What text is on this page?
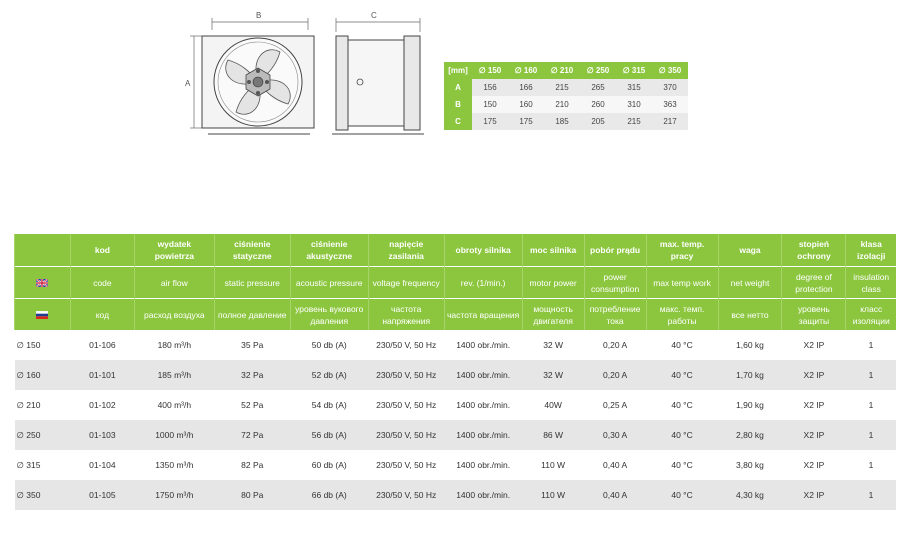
B
A
C
[mm]	∅ 150	∅ 160	∅ 210	∅ 250	∅ 315	∅ 350
A	156	166	215	265	315	370
B	150	160	210	260	310	363
C	175	175	185	205	215	217
	kod	wydatek powietrza	ciśnienie statyczne	ciśnienie akustyczne	napięcie zasilania	obroty silnika	moc silnika	pobór prądu	max. temp. pracy	waga	stopień ochrony	klasa izolacji
	code	air flow	static pressure	acoustic pressure	voltage frequency	rev. (1/min.)	motor power	power consumption	max temp work	net weight	degree of protection	insulation class
	код	расход воздуха	полное давление	уровень вукового давления	частота напряжения	частота вращения	мощность двигателя	потребление тока	макс. темп. работы	все нетто	уровень защиты	класс изоляции
∅ 150	01-106	180 m³/h	35 Pa	50 db (A)	230/50 V, 50 Hz	1400 obr./min.	32 W	0,20 A	40 °C	1,60 kg	X2 IP	1
∅ 160	01-101	185 m³/h	32 Pa	52 db (A)	230/50 V, 50 Hz	1400 obr./min.	32 W	0,20 A	40 °C	1,70 kg	X2 IP	1
∅ 210	01-102	400 m³/h	52 Pa	54 db (A)	230/50 V, 50 Hz	1400 obr./min.	40W	0,25 A	40 °C	1,90 kg	X2 IP	1
∅ 250	01-103	1000 m³/h	72 Pa	56 db (A)	230/50 V, 50 Hz	1400 obr./min.	86 W	0,30 A	40 °C	2,80 kg	X2 IP	1
∅ 315	01-104	1350 m³/h	82 Pa	60 db (A)	230/50 V, 50 Hz	1400 obr./min.	110 W	0,40 A	40 °C	3,80 kg	X2 IP	1
∅ 350	01-105	1750 m³/h	80 Pa	66 db (A)	230/50 V, 50 Hz	1400 obr./min.	110 W	0,40 A	40 °C	4,30 kg	X2 IP	1
